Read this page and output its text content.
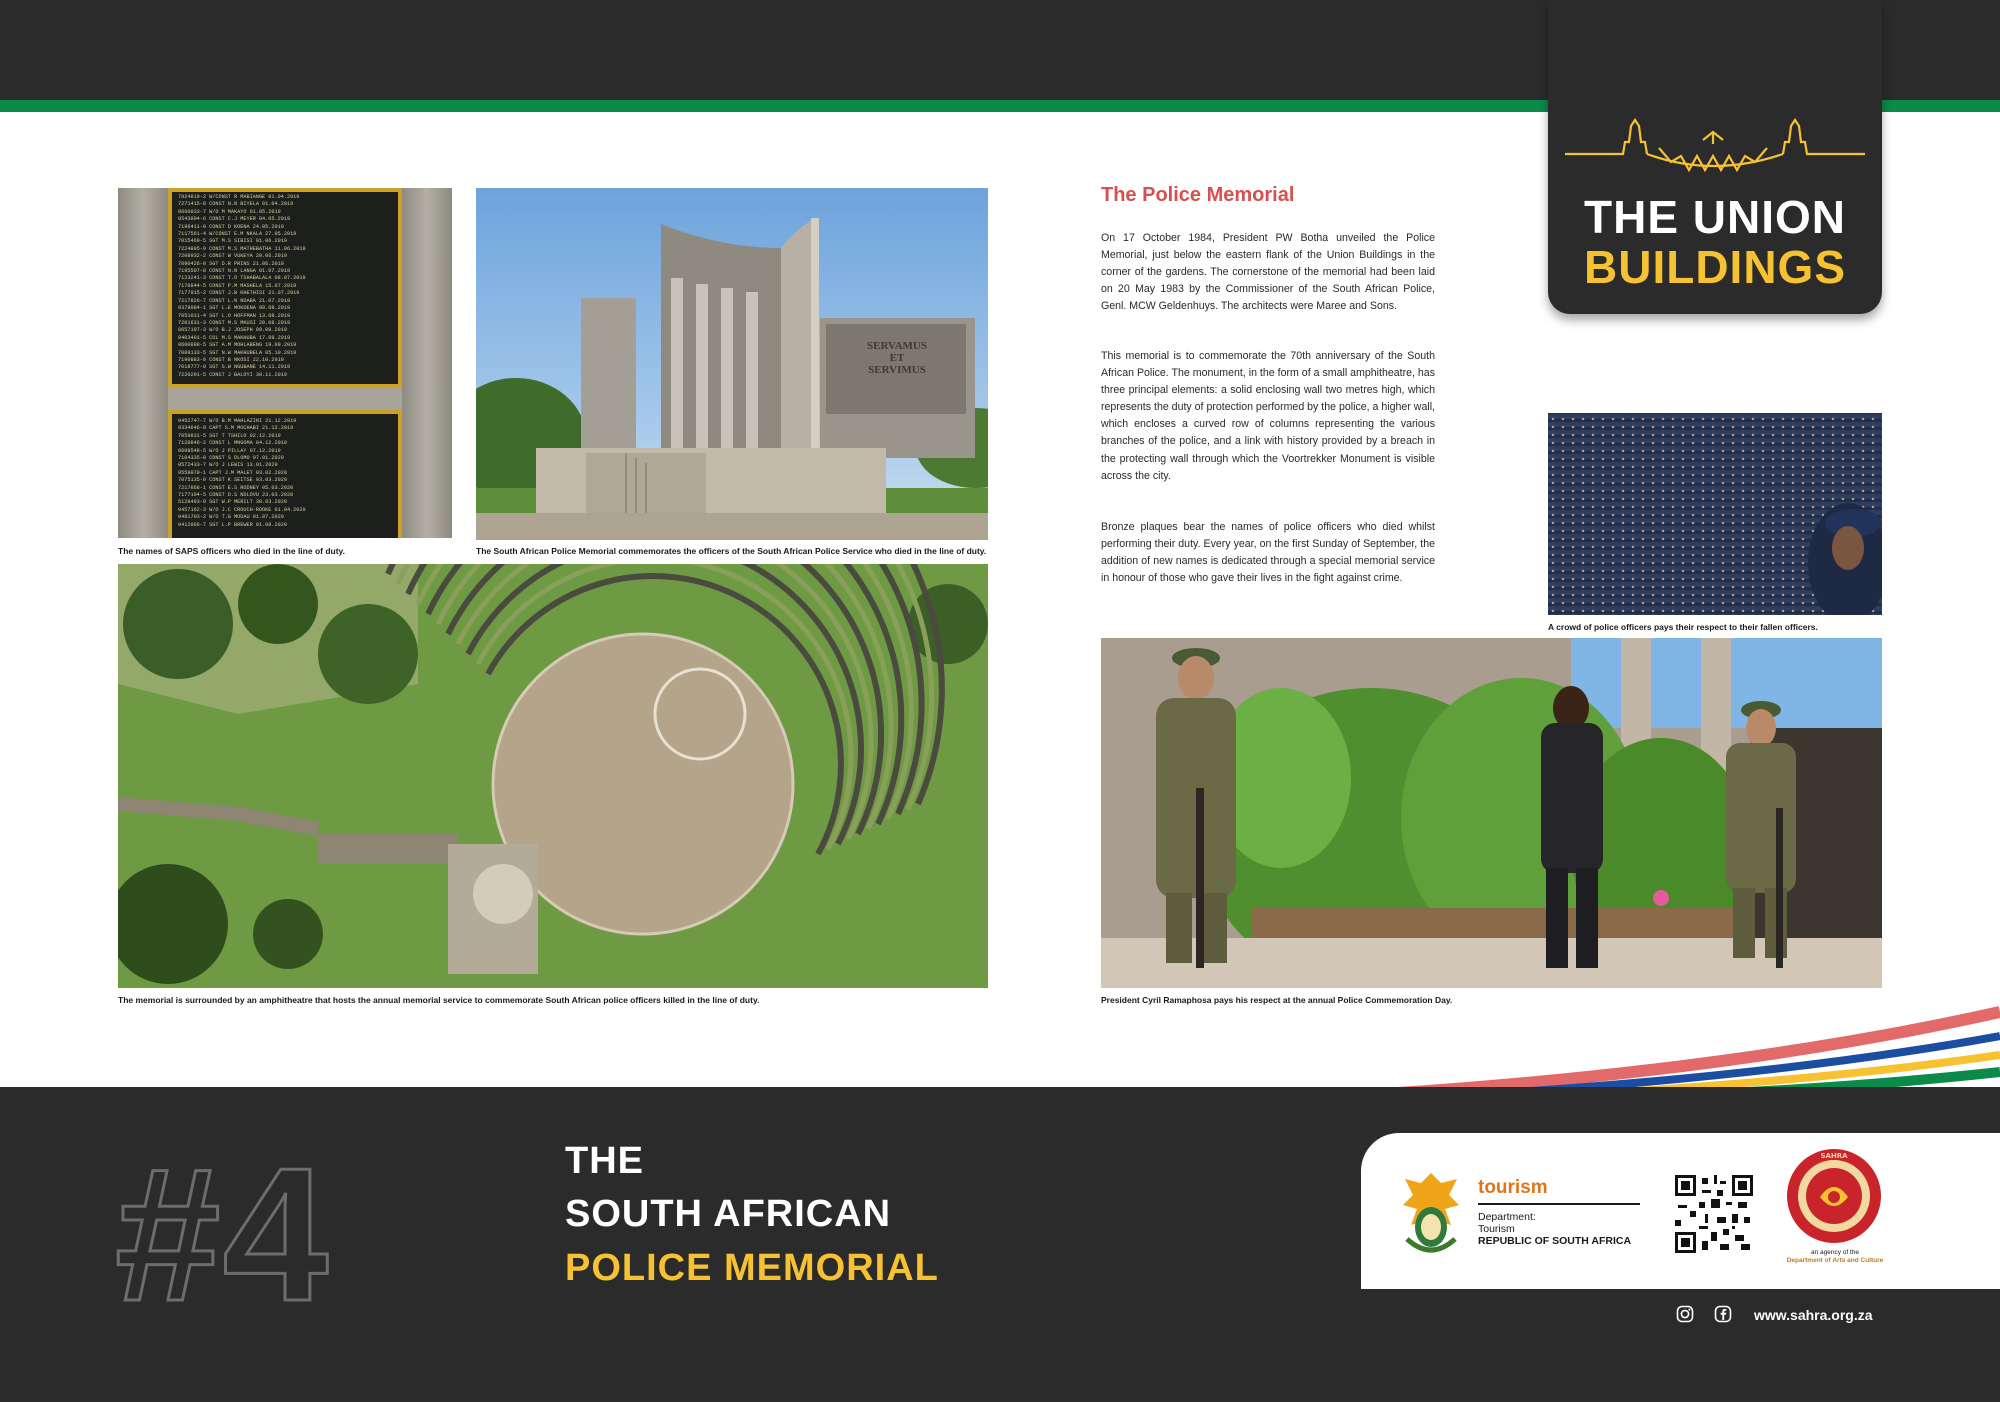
THE UNION
BUILDINGS
7924819-2 W/CONST R MABIANGE 01.04.2019
7271415-8 CONST N.N BIYELA 01.04.2019
0660933-7 W/O M MAKAYO 01.05.2019
0543894-6 CONST C.J MEYER 04.05.2019
7196411-0 CONST D KOENA 24.05.2019
7117561-4 W/CONST E.M NKALA 27.05.2019
7015469-5 SGT M.S SIBISI 01.06.2019
7224895-9 CONST M.S MATHEBATHA 11.06.2019
7208932-2 CONST W VUKEYA 20.06.2019
7090426-0 SGT D.R PRINS 21.06.2019
7195507-8 CONST N.N LANGA 01.07.2019
7123241-3 CONST T.O TSHABALALA 08.07.2019
7170844-5 CONST P.M MASHELA 15.07.2019
7177915-2 CONST J.B KHETHISI 21.07.2019
7217826-7 CONST L.N NDABA 21.07.2019
0378084-1 SGT L.E MOKOENA 08.08.2019
7051011-4 SGT L.O HOFFMAN 13.08.2019
7201631-3 CONST M.S MKUSI 20.08.2019
0657197-3 W/O B.J JOSEPH 09.09.2019
0403401-5 COL M.S MAKHUBA 17.09.2019
0600888-5 SGT A.M MOHLABENG 19.09.2019
7089133-5 SGT N.W MAKHUBELA 05.10.2019
7190883-9 CONST B NKOSI 22.10.2019
7018777-0 SGT S.W NGUBANE 14.11.2019
7220291-5 CONST J BALOYI 30.11.2019
0452747-7 W/O B.M MAHLAZINI 21.12.2019
0334646-9 CAPT S.M MOCHABI 21.12.2019
7059831-5 SGT T TSHILO 02.12.2019
7120846-2 CONST L MNGOMA 04.12.2019
0608548-5 W/O J PILLAY 07.12.2019
7104335-8 CONST S DLOMO 07.01.2020
0572433-7 W/O J LEWIS 13.01.2020
0559079-1 CAPT J.M MALET 03.02.2020
7075135-0 CONST K SEITSE 03.03.2020
7217868-1 CONST E.S RODNEY 05.03.2020
7177194-5 CONST D.S NDLOVU 23.03.2020
5128493-9 SGT W.P MERILT 30.03.2020
0457162-3 W/O J.C CROUCH-ROOKE 01.04.2020
0481703-2 W/O T.G MODAU 01.07.2020
0412066-7 SGT L.P BREWER 01.08.2020
The names of SAPS officers who died in the line of duty.
SERVAMUS
ET
SERVIMUS
The South African Police Memorial commemorates the officers of the South African Police Service who died in the line of duty.
The memorial is surrounded by an amphitheatre that hosts the annual memorial service to commemorate South African police officers killed in the line of duty.
The Police Memorial
On 17 October 1984, President PW Botha unveiled the Police Memorial, just below the eastern flank of the Union Buildings in the corner of the gardens. The cornerstone of the memorial had been laid on 20 May 1983 by the Commissioner of the South African Police, Genl. MCW Geldenhuys. The architects were Maree and Sons.
This memorial is to commemorate the 70th anniversary of the South African Police. The monument, in the form of a small amphitheatre, has three principal elements: a solid enclosing wall two metres high, which represents the duty of protection performed by the police, a higher wall, which encloses a curved row of columns representing the various branches of the police, and a link with history provided by a breach in the protecting wall through which the Voortrekker Monument is visible across the city.
Bronze plaques bear the names of police officers who died whilst performing their duty. Every year, on the first Sunday of September, the addition of new names is dedicated through a special memorial service in honour of those who gave their lives in the fight against crime.
A crowd of police officers pays their respect to their fallen officers.
President Cyril Ramaphosa pays his respect at the annual Police Commemoration Day.
#4	THE
SOUTH AFRICAN
POLICE MEMORIAL
tourism
Department:
Tourism
REPUBLIC OF SOUTH AFRICA
SAHRA
an agency of the
Department of Arts and Culture
www.sahra.org.za
